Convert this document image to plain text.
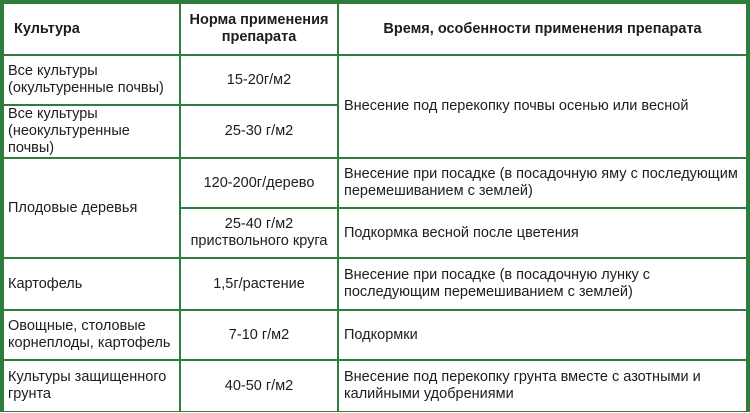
Культура	Норма применения препарата	Время, особенности применения препарата
Все культуры (окультуренные почвы)	15-20г/м2	Внесение под перекопку почвы осенью или весной
Все культуры (неокультуренные почвы)	25-30 г/м2	
Плодовые деревья	120-200г/дерево	Внесение при посадке (в посадочную яму с последующим перемешиванием с землей)
	25-40 г/м2 приствольного круга	Подкормка весной после цветения
Картофель	1,5г/растение	Внесение при посадке (в посадочную лунку с последующим перемешиванием с землей)
Овощные, столовые корнеплоды, картофель	7-10 г/м2	Подкормки
Культуры защищенного грунта	40-50 г/м2	Внесение под перекопку грунта вместе с азотными и калийными удобрениями
